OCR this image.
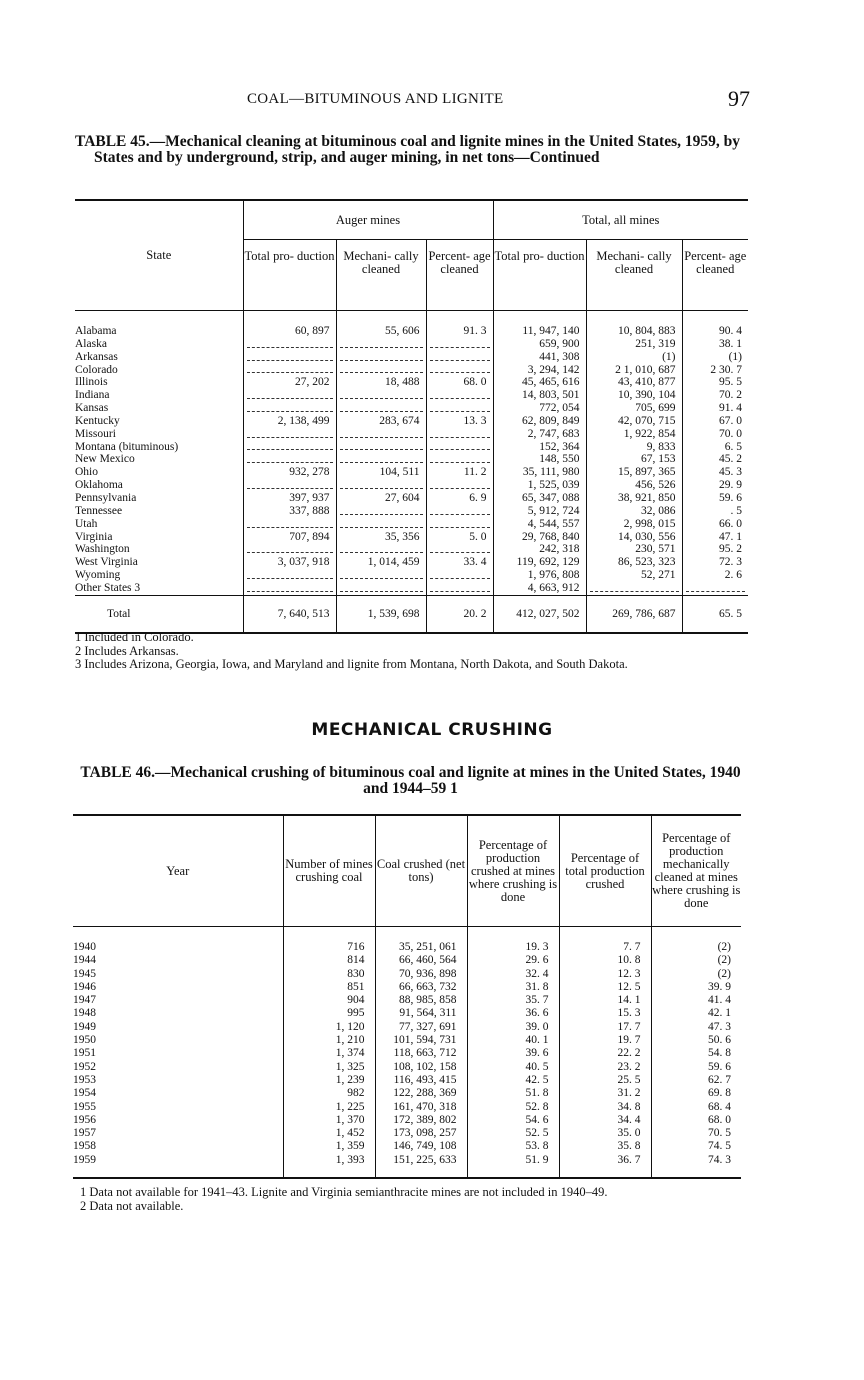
COAL—BITUMINOUS AND LIGNITE	97
TABLE 45.—Mechanical cleaning at bituminous coal and lignite mines in the United States, 1959, by States and by underground, strip, and auger mining, in net tons—Continued
State	Auger mines			Total, all mines		
	Total pro- duction	Mechani- cally cleaned	Percent- age cleaned	Total pro- duction	Mechani- cally cleaned	Percent- age cleaned
Alabama	60, 897	55, 606	91. 3	11, 947, 140	10, 804, 883	90. 4
Alaska				659, 900	251, 319	38. 1
Arkansas				441, 308	(1)	(1)
Colorado				3, 294, 142	2 1, 010, 687	2 30. 7
Illinois	27, 202	18, 488	68. 0	45, 465, 616	43, 410, 877	95. 5
Indiana				14, 803, 501	10, 390, 104	70. 2
Kansas				772, 054	705, 699	91. 4
Kentucky	2, 138, 499	283, 674	13. 3	62, 809, 849	42, 070, 715	67. 0
Missouri				2, 747, 683	1, 922, 854	70. 0
Montana (bituminous)				152, 364	9, 833	6. 5
New Mexico				148, 550	67, 153	45. 2
Ohio	932, 278	104, 511	11. 2	35, 111, 980	15, 897, 365	45. 3
Oklahoma				1, 525, 039	456, 526	29. 9
Pennsylvania	397, 937	27, 604	6. 9	65, 347, 088	38, 921, 850	59. 6
Tennessee	337, 888			5, 912, 724	32, 086	. 5
Utah				4, 544, 557	2, 998, 015	66. 0
Virginia	707, 894	35, 356	5. 0	29, 768, 840	14, 030, 556	47. 1
Washington				242, 318	230, 571	95. 2
West Virginia	3, 037, 918	1, 014, 459	33. 4	119, 692, 129	86, 523, 323	72. 3
Wyoming				1, 976, 808	52, 271	2. 6
Other States 3				4, 663, 912		
Total	7, 640, 513	1, 539, 698	20. 2	412, 027, 502	269, 786, 687	65. 5
1 Included in Colorado.
2 Includes Arkansas.
3 Includes Arizona, Georgia, Iowa, and Maryland and lignite from Montana, North Dakota, and South Dakota.
MECHANICAL CRUSHING
TABLE 46.—Mechanical crushing of bituminous coal and lignite at mines in the United States, 1940 and 1944–59 1
Year	Number of mines crushing coal	Coal crushed (net tons)	Percentage of production crushed at mines where crushing is done	Percentage of total production crushed	Percentage of production mechanically cleaned at mines where crushing is done
1940	716	35, 251, 061	19. 3	7. 7	(2)
1944	814	66, 460, 564	29. 6	10. 8	(2)
1945	830	70, 936, 898	32. 4	12. 3	(2)
1946	851	66, 663, 732	31. 8	12. 5	39. 9
1947	904	88, 985, 858	35. 7	14. 1	41. 4
1948	995	91, 564, 311	36. 6	15. 3	42. 1
1949	1, 120	77, 327, 691	39. 0	17. 7	47. 3
1950	1, 210	101, 594, 731	40. 1	19. 7	50. 6
1951	1, 374	118, 663, 712	39. 6	22. 2	54. 8
1952	1, 325	108, 102, 158	40. 5	23. 2	59. 6
1953	1, 239	116, 493, 415	42. 5	25. 5	62. 7
1954	982	122, 288, 369	51. 8	31. 2	69. 8
1955	1, 225	161, 470, 318	52. 8	34. 8	68. 4
1956	1, 370	172, 389, 802	54. 6	34. 4	68. 0
1957	1, 452	173, 098, 257	52. 5	35. 0	70. 5
1958	1, 359	146, 749, 108	53. 8	35. 8	74. 5
1959	1, 393	151, 225, 633	51. 9	36. 7	74. 3
1 Data not available for 1941–43. Lignite and Virginia semianthracite mines are not included in 1940–49.
2 Data not available.
